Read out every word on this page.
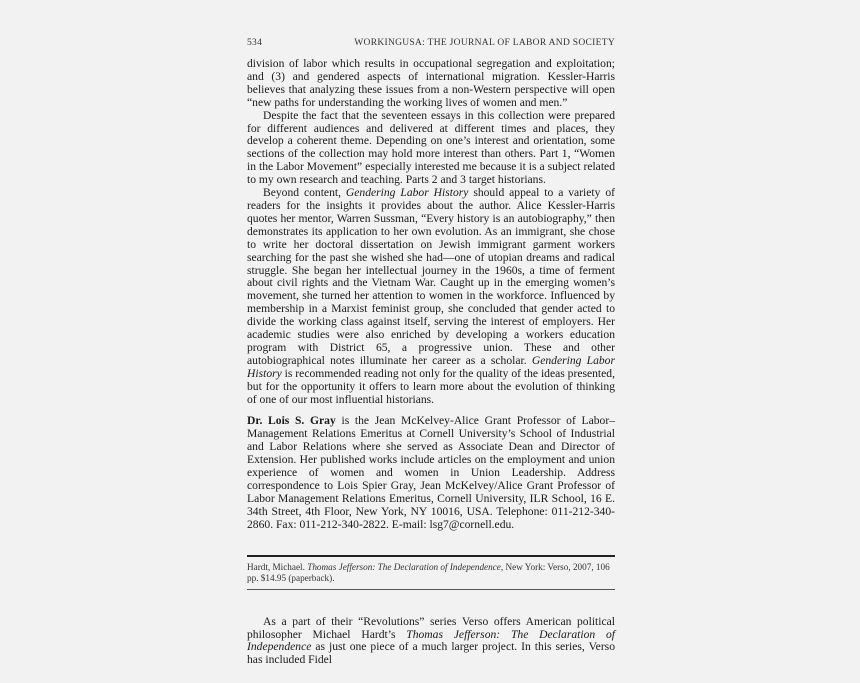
534	WORKINGUSA: THE JOURNAL OF LABOR AND SOCIETY

division of labor which results in occupational segregation and exploitation; and (3) and gendered aspects of international migration. Kessler-Harris believes that analyzing these issues from a non-Western perspective will open “new paths for understanding the working lives of women and men.”

Despite the fact that the seventeen essays in this collection were prepared for different audiences and delivered at different times and places, they develop a coherent theme. Depending on one’s interest and orientation, some sections of the collection may hold more interest than others. Part 1, “Women in the Labor Movement” especially interested me because it is a subject related to my own research and teaching. Parts 2 and 3 target historians.

Beyond content, Gendering Labor History should appeal to a variety of readers for the insights it provides about the author. Alice Kessler-Harris quotes her mentor, Warren Sussman, “Every history is an autobiography,” then demonstrates its application to her own evolution. As an immigrant, she chose to write her doctoral dissertation on Jewish immigrant garment workers searching for the past she wished she had—one of utopian dreams and radical struggle. She began her intellectual journey in the 1960s, a time of ferment about civil rights and the Vietnam War. Caught up in the emerging women’s movement, she turned her attention to women in the workforce. Influenced by membership in a Marxist feminist group, she concluded that gender acted to divide the working class against itself, serving the interest of employers. Her academic studies were also enriched by developing a workers education program with District 65, a progressive union. These and other autobiographical notes illuminate her career as a scholar. Gendering Labor History is recommended reading not only for the quality of the ideas presented, but for the opportunity it offers to learn more about the evolution of thinking of one of our most influential historians.

Dr. Lois S. Gray is the Jean McKelvey-Alice Grant Professor of Labor–Management Relations Emeritus at Cornell University’s School of Industrial and Labor Relations where she served as Associate Dean and Director of Extension. Her published works include articles on the employment and union experience of women and women in Union Leadership. Address correspondence to Lois Spier Gray, Jean McKelvey/Alice Grant Professor of Labor Management Relations Emeritus, Cornell University, ILR School, 16 E. 34th Street, 4th Floor, New York, NY 10016, USA. Telephone: 011-212-340-2860. Fax: 011-212-340-2822. E-mail: lsg7@cornell.edu.

Hardt, Michael. Thomas Jefferson: The Declaration of Independence, New York: Verso, 2007, 106 pp. $14.95 (paperback).

As a part of their “Revolutions” series Verso offers American political philosopher Michael Hardt’s Thomas Jefferson: The Declaration of Independence as just one piece of a much larger project. In this series, Verso has included Fidel
